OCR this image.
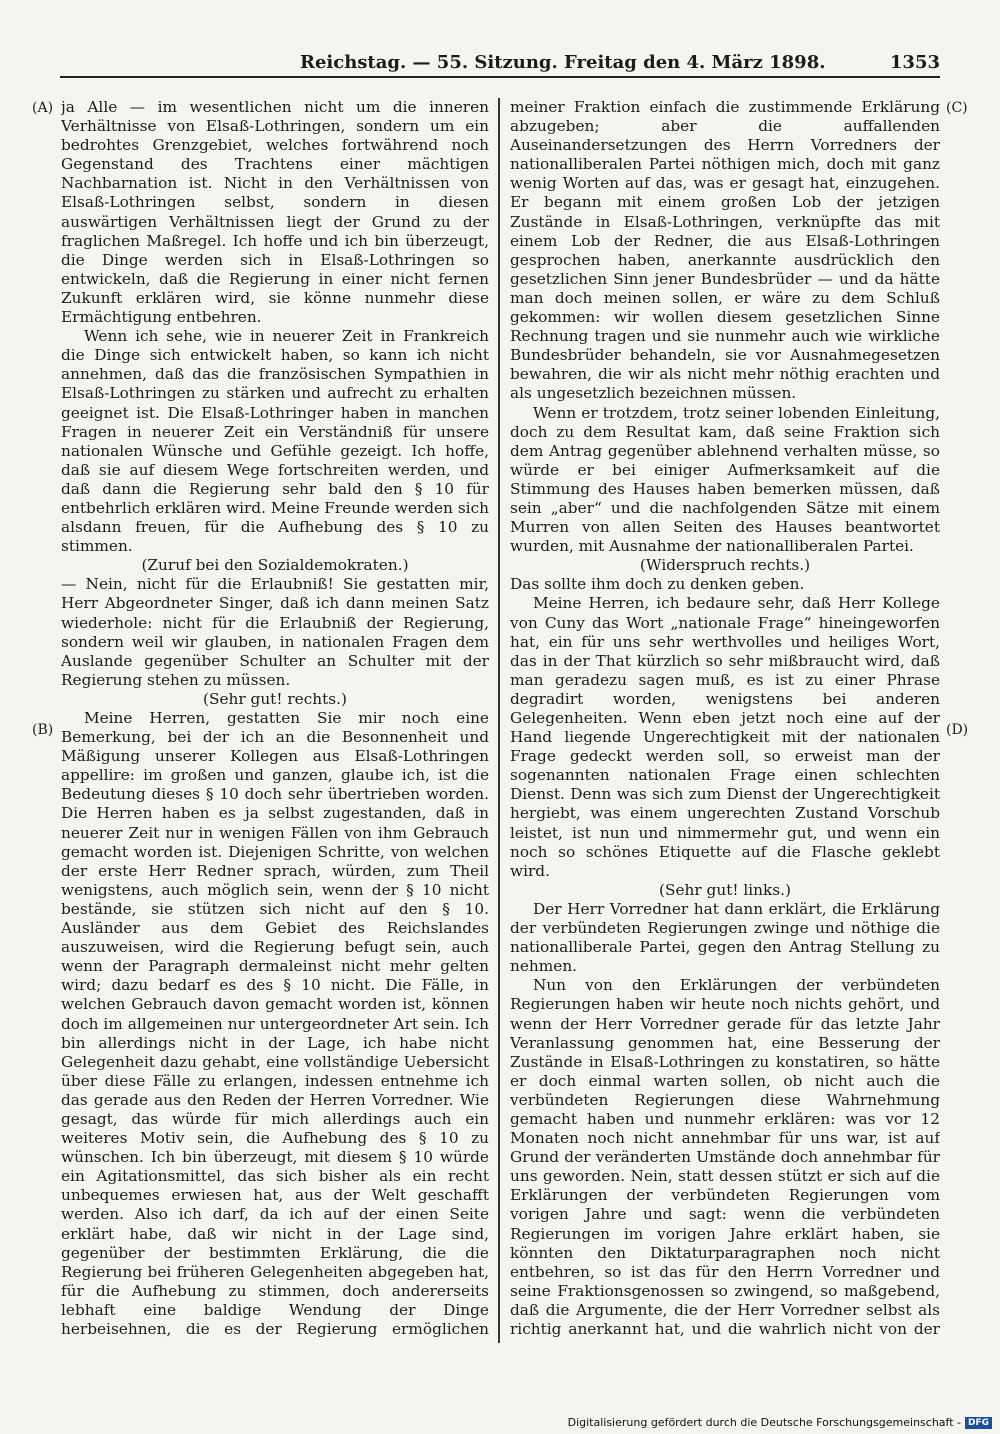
Reichstag. — 55. Sitzung. Freitag den 4. März 1898.	1353
(A)
(B)
(C)
(D)

ja Alle — im wesentlichen nicht um die inneren Verhältnisse von Elsaß-Lothringen, sondern um ein bedrohtes Grenzgebiet, welches fortwährend noch Gegenstand des Trachtens einer mächtigen Nachbarnation ist. Nicht in den Verhältnissen von Elsaß-Lothringen selbst, sondern in diesen auswärtigen Verhältnissen liegt der Grund zu der fraglichen Maßregel. Ich hoffe und ich bin überzeugt, die Dinge werden sich in Elsaß-Lothringen so entwickeln, daß die Regierung in einer nicht fernen Zukunft erklären wird, sie könne nunmehr diese Ermächtigung entbehren.

Wenn ich sehe, wie in neuerer Zeit in Frankreich die Dinge sich entwickelt haben, so kann ich nicht annehmen, daß das die französischen Sympathien in Elsaß-Lothringen zu stärken und aufrecht zu erhalten geeignet ist. Die Elsaß-Lothringer haben in manchen Fragen in neuerer Zeit ein Verständniß für unsere nationalen Wünsche und Gefühle gezeigt. Ich hoffe, daß sie auf diesem Wege fortschreiten werden, und daß dann die Regierung sehr bald den § 10 für entbehrlich erklären wird. Meine Freunde werden sich alsdann freuen, für die Aufhebung des § 10 zu stimmen.

(Zuruf bei den Sozialdemokraten.)

— Nein, nicht für die Erlaubniß! Sie gestatten mir, Herr Abgeordneter Singer, daß ich dann meinen Satz wiederhole: nicht für die Erlaubniß der Regierung, sondern weil wir glauben, in nationalen Fragen dem Auslande gegenüber Schulter an Schulter mit der Regierung stehen zu müssen.

(Sehr gut! rechts.)

Meine Herren, gestatten Sie mir noch eine Bemerkung, bei der ich an die Besonnenheit und Mäßigung unserer Kollegen aus Elsaß-Lothringen appellire: im großen und ganzen, glaube ich, ist die Bedeutung dieses § 10 doch sehr übertrieben worden. Die Herren haben es ja selbst zugestanden, daß in neuerer Zeit nur in wenigen Fällen von ihm Gebrauch gemacht worden ist. Diejenigen Schritte, von welchen der erste Herr Redner sprach, würden, zum Theil wenigstens, auch möglich sein, wenn der § 10 nicht bestände, sie stützen sich nicht auf den § 10. Ausländer aus dem Gebiet des Reichslandes auszuweisen, wird die Regierung befugt sein, auch wenn der Paragraph dermaleinst nicht mehr gelten wird; dazu bedarf es des § 10 nicht. Die Fälle, in welchen Gebrauch davon gemacht worden ist, können doch im allgemeinen nur untergeordneter Art sein. Ich bin allerdings nicht in der Lage, ich habe nicht Gelegenheit dazu gehabt, eine vollständige Uebersicht über diese Fälle zu erlangen, indessen entnehme ich das gerade aus den Reden der Herren Vorredner. Wie gesagt, das würde für mich allerdings auch ein weiteres Motiv sein, die Aufhebung des § 10 zu wünschen. Ich bin überzeugt, mit diesem § 10 würde ein Agitationsmittel, das sich bisher als ein recht unbequemes erwiesen hat, aus der Welt geschafft werden. Also ich darf, da ich auf der einen Seite erklärt habe, daß wir nicht in der Lage sind, gegenüber der bestimmten Erklärung, die die Regierung bei früheren Gelegenheiten abgegeben hat, für die Aufhebung zu stimmen, doch andererseits lebhaft eine baldige Wendung der Dinge herbeisehnen, die es der Regierung ermöglichen

meiner Fraktion einfach die zustimmende Erklärung abzugeben; aber die auffallenden Auseinandersetzungen des Herrn Vorredners der nationalliberalen Partei nöthigen mich, doch mit ganz wenig Worten auf das, was er gesagt hat, einzugehen. Er begann mit einem großen Lob der jetzigen Zustände in Elsaß-Lothringen, verknüpfte das mit einem Lob der Redner, die aus Elsaß-Lothringen gesprochen haben, anerkannte ausdrücklich den gesetzlichen Sinn jener Bundesbrüder — und da hätte man doch meinen sollen, er wäre zu dem Schluß gekommen: wir wollen diesem gesetzlichen Sinne Rechnung tragen und sie nunmehr auch wie wirkliche Bundesbrüder behandeln, sie vor Ausnahmegesetzen bewahren, die wir als nicht mehr nöthig erachten und als ungesetzlich bezeichnen müssen.

Wenn er trotzdem, trotz seiner lobenden Einleitung, doch zu dem Resultat kam, daß seine Fraktion sich dem Antrag gegenüber ablehnend verhalten müsse, so würde er bei einiger Aufmerksamkeit auf die Stimmung des Hauses haben bemerken müssen, daß sein „aber“ und die nachfolgenden Sätze mit einem Murren von allen Seiten des Hauses beantwortet wurden, mit Ausnahme der nationalliberalen Partei.

(Widerspruch rechts.)

Das sollte ihm doch zu denken geben.

Meine Herren, ich bedaure sehr, daß Herr Kollege von Cuny das Wort „nationale Frage“ hineingeworfen hat, ein für uns sehr werthvolles und heiliges Wort, das in der That kürzlich so sehr mißbraucht wird, daß man geradezu sagen muß, es ist zu einer Phrase degradirt worden, wenigstens bei anderen Gelegenheiten. Wenn eben jetzt noch eine auf der Hand liegende Ungerechtigkeit mit der nationalen Frage gedeckt werden soll, so erweist man der sogenannten nationalen Frage einen schlechten Dienst. Denn was sich zum Dienst der Ungerechtigkeit hergiebt, was einem ungerechten Zustand Vorschub leistet, ist nun und nimmermehr gut, und wenn ein noch so schönes Etiquette auf die Flasche geklebt wird.

(Sehr gut! links.)

Der Herr Vorredner hat dann erklärt, die Erklärung der verbündeten Regierungen zwinge und nöthige die nationalliberale Partei, gegen den Antrag Stellung zu nehmen.

Nun von den Erklärungen der verbündeten Regierungen haben wir heute noch nichts gehört, und wenn der Herr Vorredner gerade für das letzte Jahr Veranlassung genommen hat, eine Besserung der Zustände in Elsaß-Lothringen zu konstatiren, so hätte er doch einmal warten sollen, ob nicht auch die verbündeten Regierungen diese Wahrnehmung gemacht haben und nunmehr erklären: was vor 12 Monaten noch nicht annehmbar für uns war, ist auf Grund der veränderten Umstände doch annehmbar für uns geworden. Nein, statt dessen stützt er sich auf die Erklärungen der verbündeten Regierungen vom vorigen Jahre und sagt: wenn die verbündeten Regierungen im vorigen Jahre erklärt haben, sie könnten den Diktaturparagraphen noch nicht entbehren, so ist das für den Herrn Vorredner und seine Fraktionsgenossen so zwingend, so maßgebend, daß die Argumente, die der Herr Vorredner selbst als richtig anerkannt hat, und die wahrlich nicht von der

Digitalisierung gefördert durch die Deutsche Forschungsgemeinschaft - DFG
